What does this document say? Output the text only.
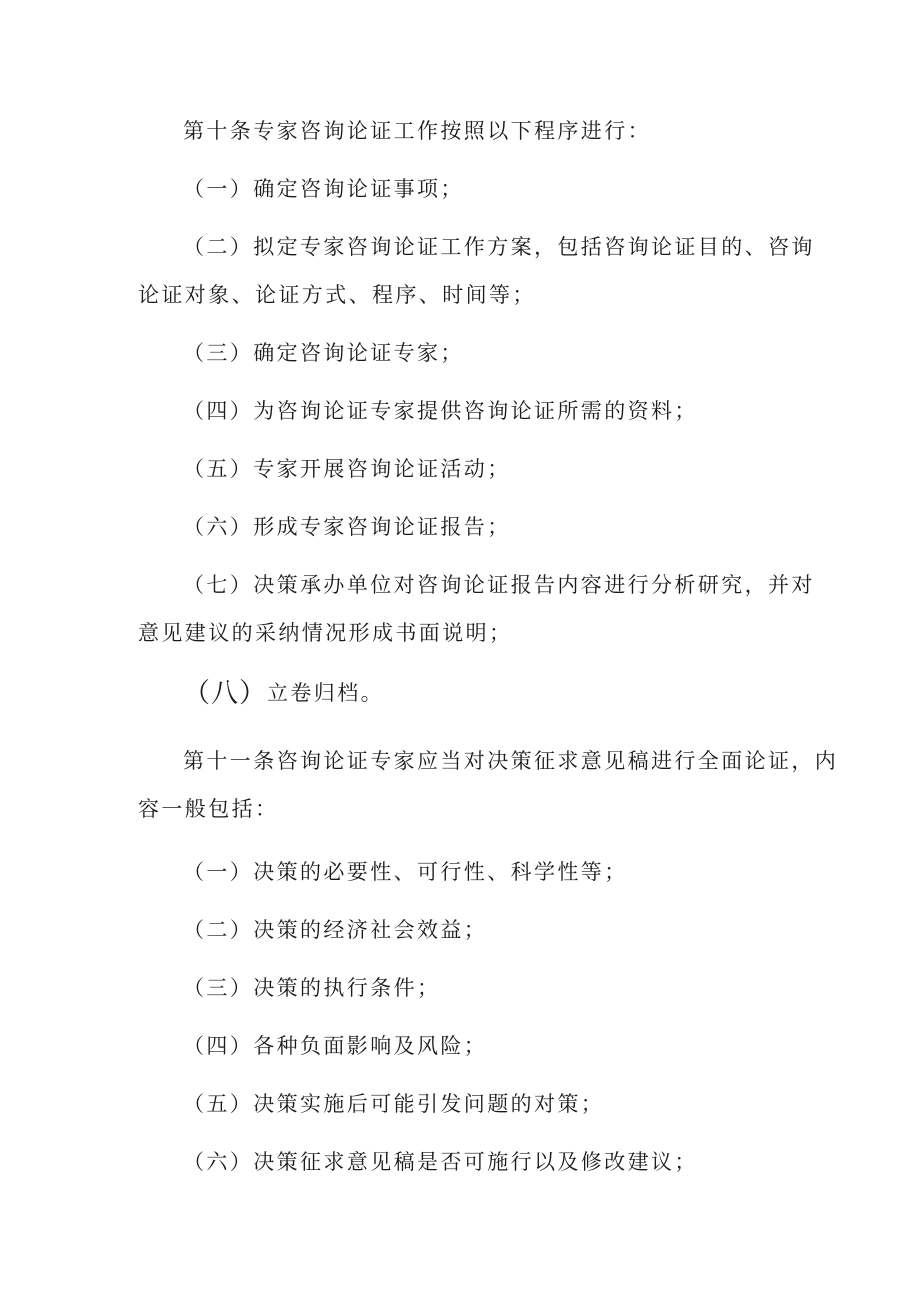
第十条专家咨询论证工作按照以下程序进行：
（一）确定咨询论证事项；
（二）拟定专家咨询论证工作方案，包括咨询论证目的、咨询
论证对象、论证方式、程序、时间等；
（三）确定咨询论证专家；
（四）为咨询论证专家提供咨询论证所需的资料；
（五）专家开展咨询论证活动；
（六）形成专家咨询论证报告；
（七）决策承办单位对咨询论证报告内容进行分析研究，并对
意见建议的采纳情况形成书面说明；
（八）立卷归档。
第十一条咨询论证专家应当对决策征求意见稿进行全面论证，内
容一般包括：
（一）决策的必要性、可行性、科学性等；
（二）决策的经济社会效益；
（三）决策的执行条件；
（四）各种负面影响及风险；
（五）决策实施后可能引发问题的对策；
（六）决策征求意见稿是否可施行以及修改建议；
